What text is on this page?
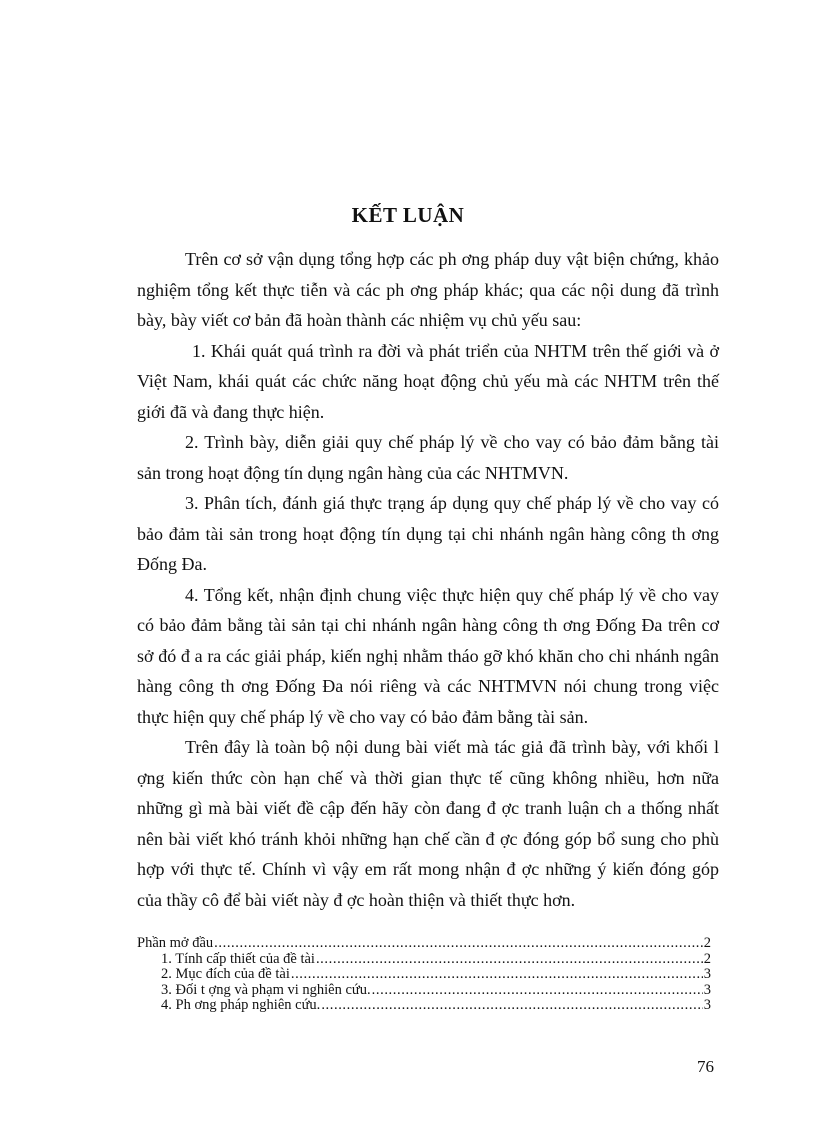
KẾT LUẬN

Trên cơ sở vận dụng tổng hợp các ph ơng pháp duy vật biện chứng, khảo nghiệm tổng kết thực tiễn và các ph ơng pháp khác; qua các nội dung đã trình bày, bày viết cơ bản đã hoàn thành các nhiệm vụ chủ yếu sau:

1. Khái quát quá trình ra đời và phát triển của NHTM trên thế giới và ở Việt Nam, khái quát các chức năng hoạt động chủ yếu mà các NHTM trên thế giới đã và đang thực hiện.

2. Trình bày, diễn giải quy chế pháp lý về cho vay có bảo đảm bằng tài sản trong hoạt động tín dụng ngân hàng của các NHTMVN.

3. Phân tích, đánh giá thực trạng áp dụng quy chế pháp lý về cho vay có bảo đảm tài sản trong hoạt động tín dụng tại chi nhánh ngân hàng công th ơng Đống Đa.

4. Tổng kết, nhận định chung việc thực hiện quy chế pháp lý về cho vay có bảo đảm bằng tài sản tại chi nhánh ngân hàng công th ơng Đống Đa trên cơ sở đó đ a ra các giải pháp, kiến nghị nhằm tháo gỡ khó khăn cho chi nhánh ngân hàng công th ơng Đống Đa nói riêng và các NHTMVN nói chung trong việc thực hiện quy chế pháp lý về cho vay có bảo đảm bằng tài sản.

Trên đây là toàn bộ nội dung bài viết mà tác giả đã trình bày, với khối l ợng kiến thức còn hạn chế và thời gian thực tế cũng không nhiều, hơn nữa những gì mà bài viết đề cập đến hãy còn đang đ ợc tranh luận ch a thống nhất nên bài viết khó tránh khỏi những hạn chế cần đ ợc đóng góp bổ sung cho phù hợp với thực tế. Chính vì vậy em rất mong nhận đ ợc những ý kiến đóng góp của thầy cô để bài viết này đ ợc hoàn thiện và thiết thực hơn.

Phần mở đầu .....	2
1. Tính cấp thiết của đề tài .....	2
2. Mục đích của đề tài .....	3
3. Đối t ợng và phạm vi nghiên cứu. .....	3
4. Ph ơng pháp nghiên cứu. .....	3
76
